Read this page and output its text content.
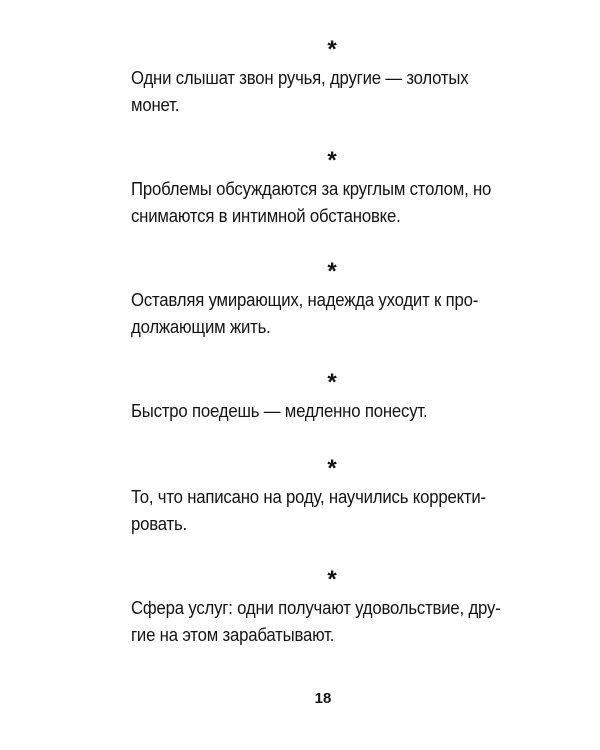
*
Одни слышат звон ручья, другие — золотых
монет.
*
Проблемы обсуждаются за круглым столом, но
снимаются в интимной обстановке.
*
Оставляя умирающих, надежда уходит к про-
должающим жить.
*
Быстро поедешь — медленно понесут.
*
То, что написано на роду, научились корректи-
ровать.
*
Сфера услуг: одни получают удовольствие, дру-
гие на этом зарабатывают.
18
